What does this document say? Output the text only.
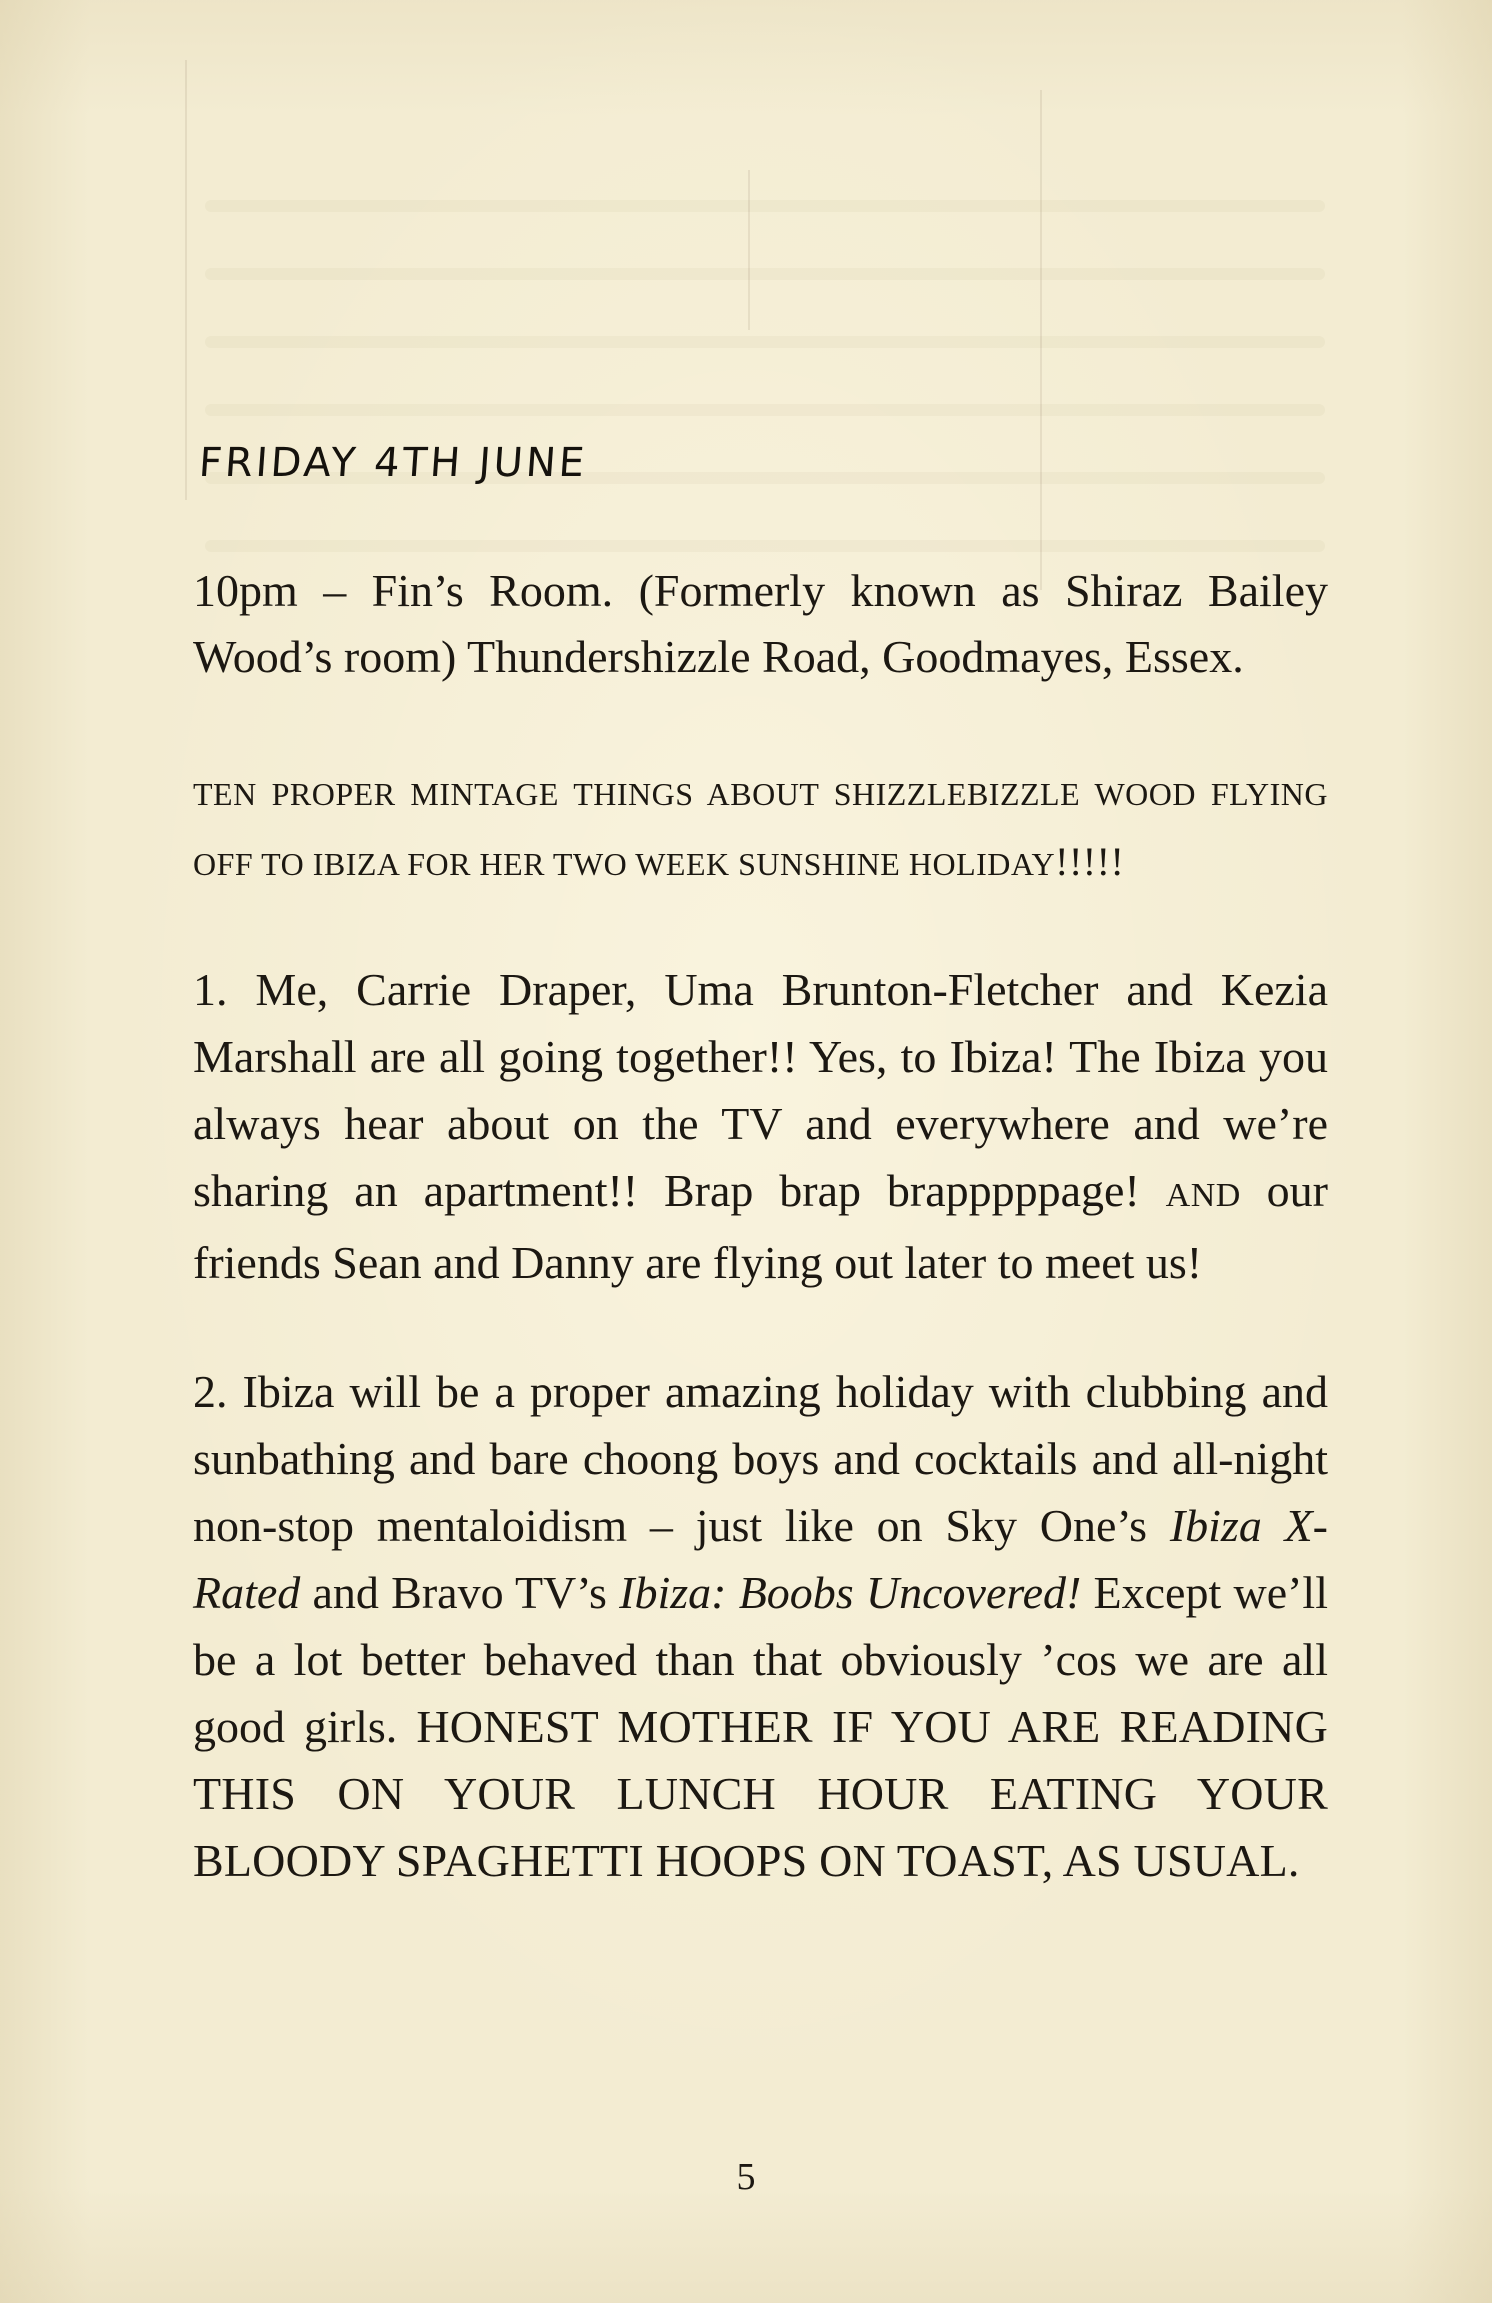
FRIDAY 4TH JUNE

10pm – Fin’s Room. (Formerly known as Shiraz Bailey Wood’s room) Thundershizzle Road, Goodmayes, Essex.

TEN PROPER MINTAGE THINGS ABOUT SHIZZLEBIZZLE WOOD FLYING OFF TO IBIZA FOR HER TWO WEEK SUNSHINE HOLIDAY!!!!!

1. Me, Carrie Draper, Uma Brunton-Fletcher and Kezia Marshall are all going together!! Yes, to Ibiza! The Ibiza you always hear about on the TV and everywhere and we’re sharing an apartment!! Brap brap brapppppage! AND our friends Sean and Danny are flying out later to meet us!

2. Ibiza will be a proper amazing holiday with clubbing and sunbathing and bare choong boys and cocktails and all-night non-stop mentaloidism – just like on Sky One’s Ibiza X-Rated and Bravo TV’s Ibiza: Boobs Uncovered! Except we’ll be a lot better behaved than that obviously ’cos we are all good girls. HONEST MOTHER IF YOU ARE READING THIS ON YOUR LUNCH HOUR EATING YOUR BLOODY SPAGHETTI HOOPS ON TOAST, AS USUAL.

5
